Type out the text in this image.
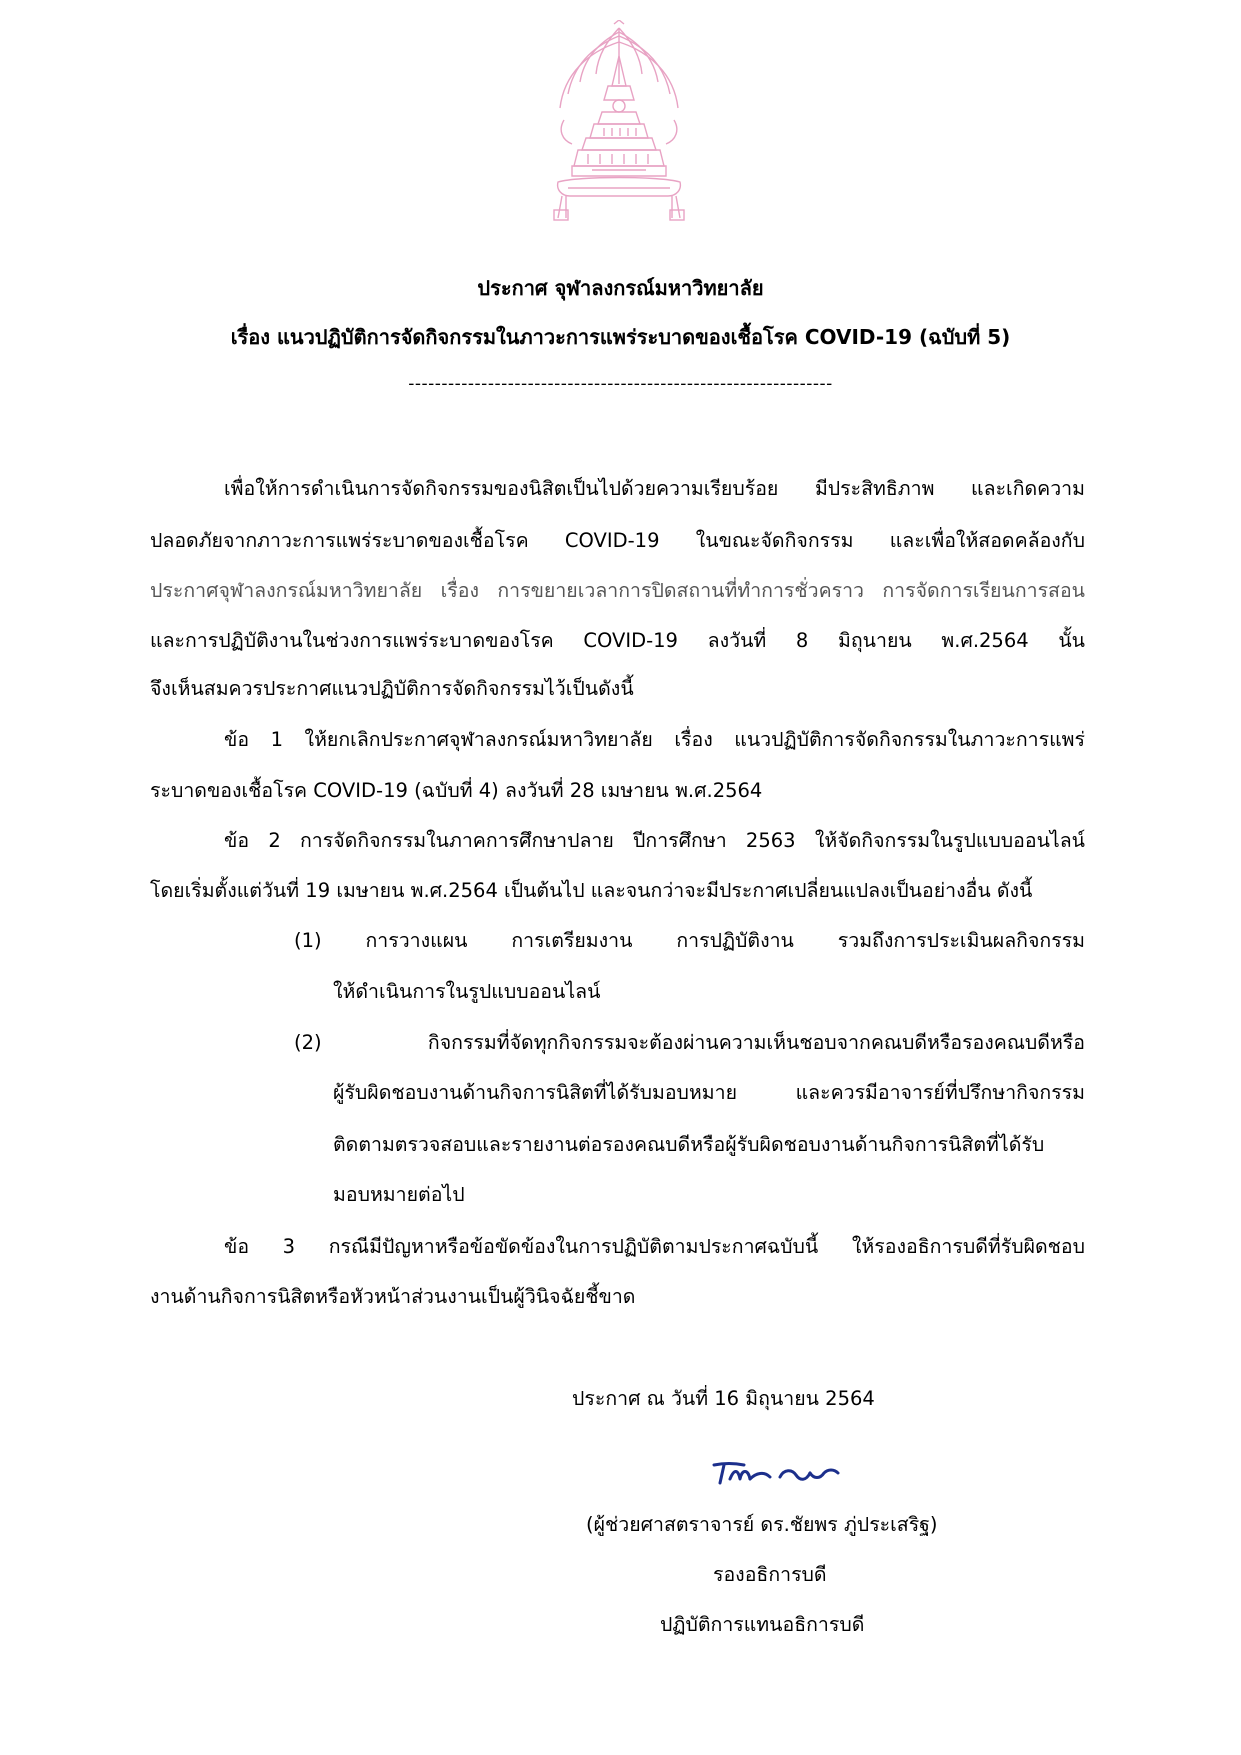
ประกาศ จุฬาลงกรณ์มหาวิทยาลัย
เรื่อง แนวปฏิบัติการจัดกิจกรรมในภาวะการแพร่ระบาดของเชื้อโรค COVID-19 (ฉบับที่ 5)
----------------------------------------------------------------
เพื่อให้การดำเนินการจัดกิจกรรมของนิสิตเป็นไปด้วยความเรียบร้อย มีประสิทธิภาพ และเกิดความ
ปลอดภัยจากภาวะการแพร่ระบาดของเชื้อโรค COVID-19 ในขณะจัดกิจกรรม และเพื่อให้สอดคล้องกับ
ประกาศจุฬาลงกรณ์มหาวิทยาลัย เรื่อง การขยายเวลาการปิดสถานที่ทำการชั่วคราว การจัดการเรียนการสอน
และการปฏิบัติงานในช่วงการแพร่ระบาดของโรค COVID-19 ลงวันที่ 8 มิถุนายน พ.ศ.2564 นั้น
จึงเห็นสมควรประกาศแนวปฏิบัติการจัดกิจกรรมไว้เป็นดังนี้
ข้อ 1 ให้ยกเลิกประกาศจุฬาลงกรณ์มหาวิทยาลัย เรื่อง แนวปฏิบัติการจัดกิจกรรมในภาวะการแพร่
ระบาดของเชื้อโรค COVID-19 (ฉบับที่ 4) ลงวันที่ 28 เมษายน พ.ศ.2564
ข้อ 2 การจัดกิจกรรมในภาคการศึกษาปลาย ปีการศึกษา 2563 ให้จัดกิจกรรมในรูปแบบออนไลน์
โดยเริ่มตั้งแต่วันที่ 19 เมษายน พ.ศ.2564 เป็นต้นไป และจนกว่าจะมีประกาศเปลี่ยนแปลงเป็นอย่างอื่น ดังนี้
(1) การวางแผน การเตรียมงาน การปฏิบัติงาน รวมถึงการประเมินผลกิจกรรม
ให้ดำเนินการในรูปแบบออนไลน์
(2) กิจกรรมที่จัดทุกกิจกรรมจะต้องผ่านความเห็นชอบจากคณบดีหรือรองคณบดีหรือ
ผู้รับผิดชอบงานด้านกิจการนิสิตที่ได้รับมอบหมาย และควรมีอาจารย์ที่ปรึกษากิจกรรม
ติดตามตรวจสอบและรายงานต่อรองคณบดีหรือผู้รับผิดชอบงานด้านกิจการนิสิตที่ได้รับ
มอบหมายต่อไป
ข้อ 3 กรณีมีปัญหาหรือข้อขัดข้องในการปฏิบัติตามประกาศฉบับนี้ ให้รองอธิการบดีที่รับผิดชอบ
งานด้านกิจการนิสิตหรือหัวหน้าส่วนงานเป็นผู้วินิจฉัยชี้ขาด
ประกาศ ณ วันที่ 16 มิถุนายน 2564
(ผู้ช่วยศาสตราจารย์ ดร.ชัยพร ภู่ประเสริฐ)
รองอธิการบดี
ปฏิบัติการแทนอธิการบดี
